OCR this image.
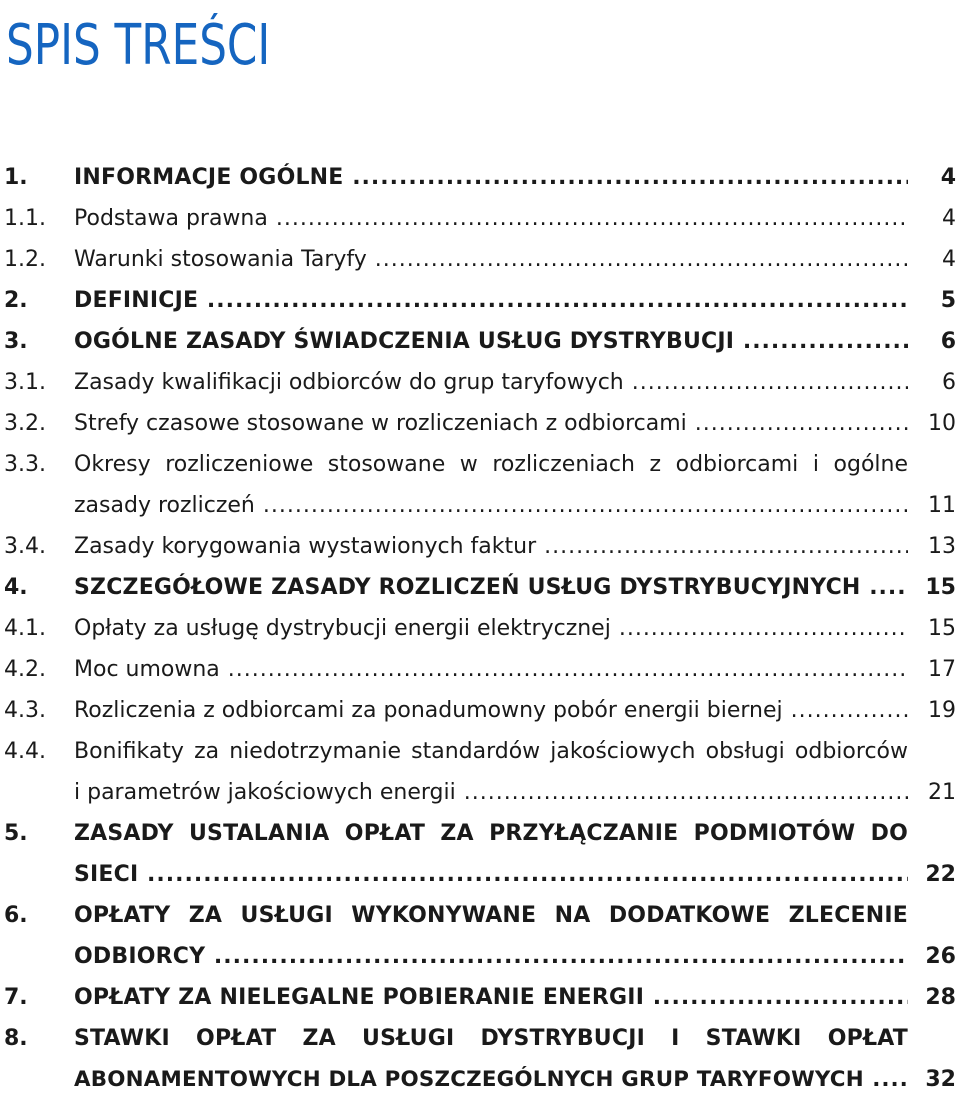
SPIS TREŚCI
1. INFORMACJE OGÓLNE .....	4
1.1. Podstawa prawna .....	4
1.2. Warunki stosowania Taryfy .....	4
2. DEFINICJE .....	5
3. OGÓLNE ZASADY ŚWIADCZENIA USŁUG DYSTRYBUCJI .....	6
3.1. Zasady kwalifikacji odbiorców do grup taryfowych .....	6
3.2. Strefy czasowe stosowane w rozliczeniach z odbiorcami .....	10
3.3. Okresy rozliczeniowe stosowane w rozliczeniach z odbiorcami i ogólne
zasady rozliczeń .....	11
3.4. Zasady korygowania wystawionych faktur .....	13
4. SZCZEGÓŁOWE ZASADY ROZLICZEŃ USŁUG DYSTRYBUCYJNYCH .....	15
4.1. Opłaty za usługę dystrybucji energii elektrycznej .....	15
4.2. Moc umowna .....	17
4.3. Rozliczenia z odbiorcami za ponadumowny pobór energii biernej .....	19
4.4. Bonifikaty za niedotrzymanie standardów jakościowych obsługi odbiorców
i parametrów jakościowych energii .....	21
5. ZASADY USTALANIA OPŁAT ZA PRZYŁĄCZANIE PODMIOTÓW DO
SIECI .....	22
6. OPŁATY ZA USŁUGI WYKONYWANE NA DODATKOWE ZLECENIE
ODBIORCY .....	26
7. OPŁATY ZA NIELEGALNE POBIERANIE ENERGII .....	28
8. STAWKI OPŁAT ZA USŁUGI DYSTRYBUCJI I STAWKI OPŁAT
ABONAMENTOWYCH DLA POSZCZEGÓLNYCH GRUP TARYFOWYCH .....	32
